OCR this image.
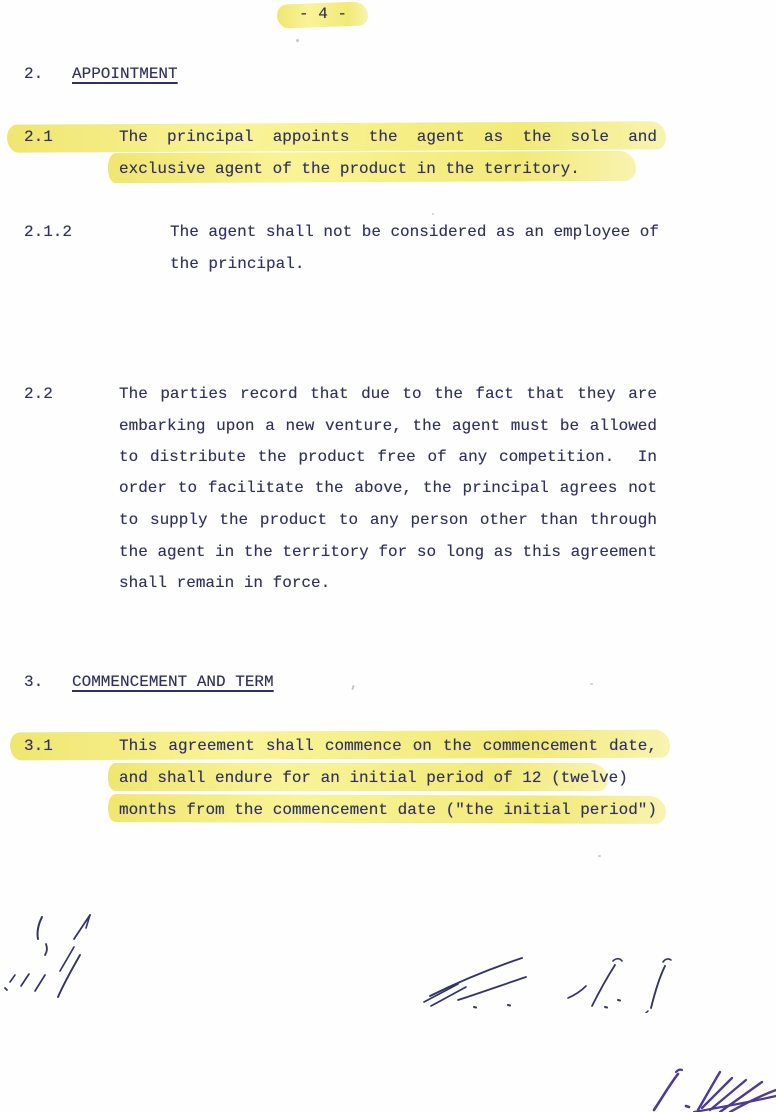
- 4 -
2. APPOINTMENT
2.1	The principal appoints the agent as the sole and
exclusive agent of the product in the territory.
2.1.2	The agent shall not be considered as an employee of
the principal.
2.2	The parties record that due to the fact that they are
embarking upon a new venture, the agent must be allowed
to distribute the product free of any competition.  In
order to facilitate the above, the principal agrees not
to supply the product to any person other than through
the agent in the territory for so long as this agreement
shall remain in force.
3. COMMENCEMENT AND TERM
3.1	This agreement shall commence on the commencement date,
and shall endure for an initial period of 12 (twelve)
months from the commencement date ("the initial period")
